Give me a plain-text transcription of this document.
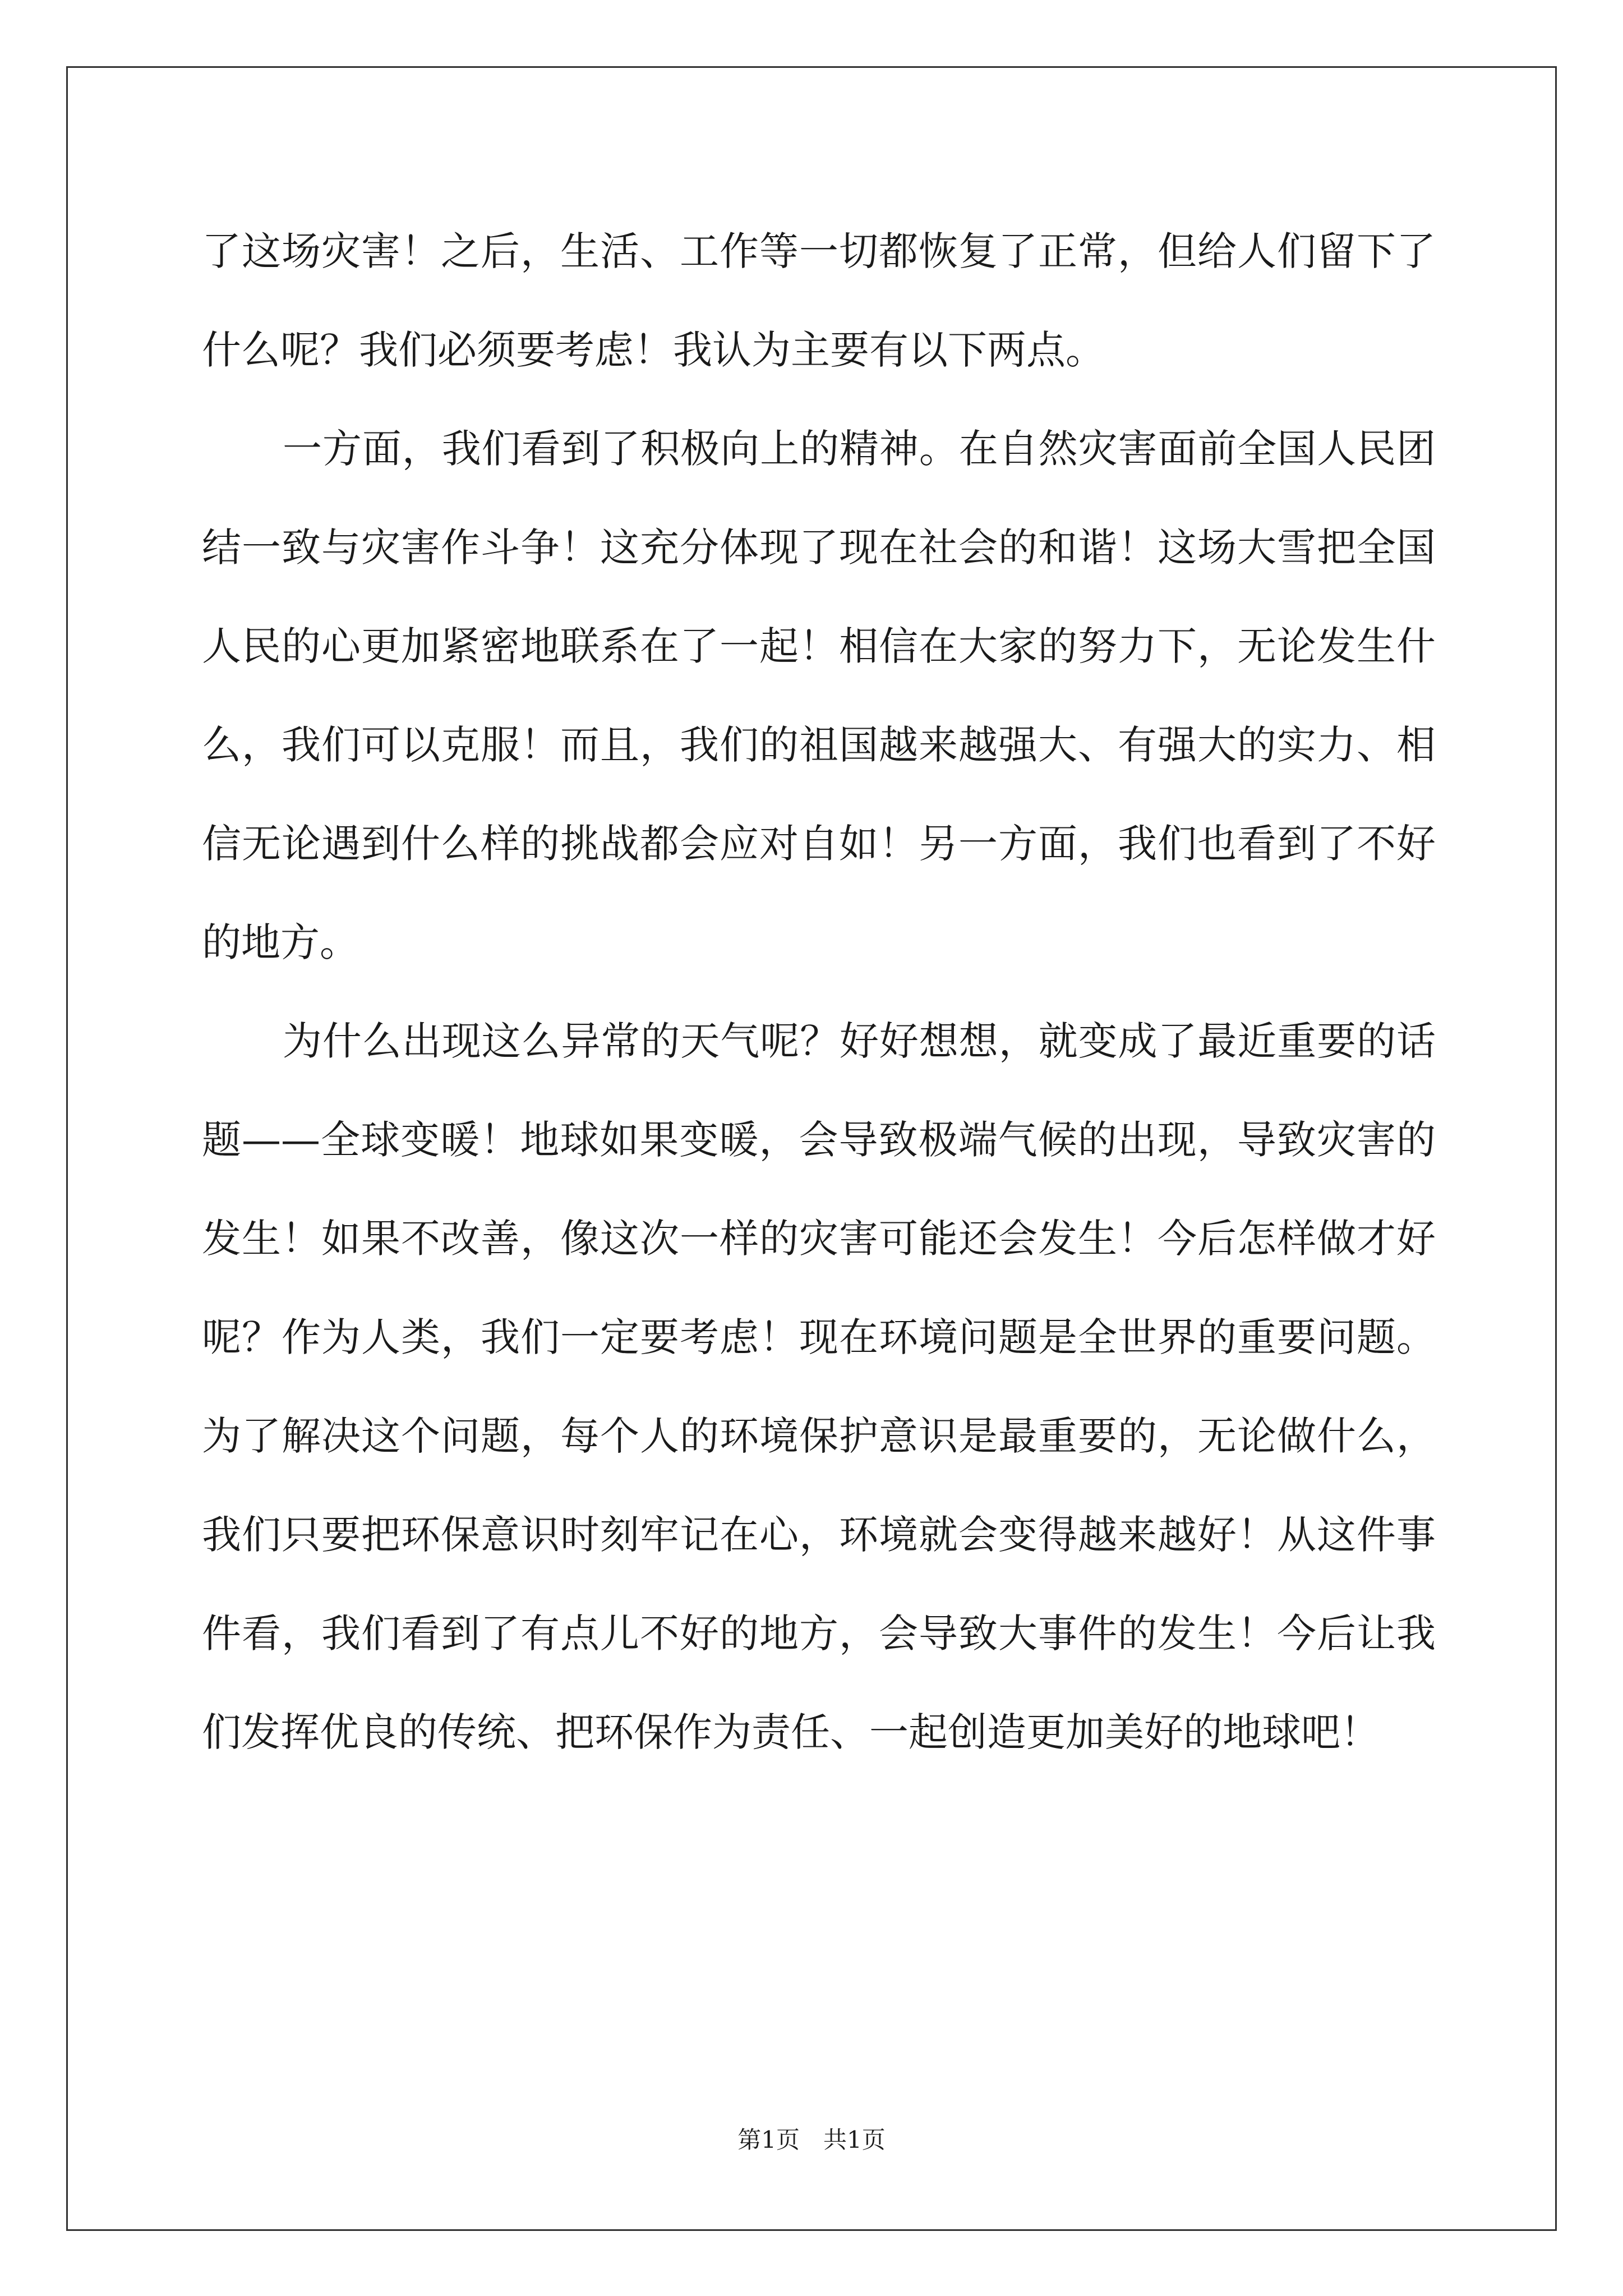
了这场灾害！之后，生活、工作等一切都恢复了正常，但给人们留下了什么呢？我们必须要考虑！我认为主要有以下两点。

一方面，我们看到了积极向上的精神。在自然灾害面前全国人民团结一致与灾害作斗争！这充分体现了现在社会的和谐！这场大雪把全国人民的心更加紧密地联系在了一起！相信在大家的努力下，无论发生什么，我们可以克服！而且，我们的祖国越来越强大、有强大的实力、相信无论遇到什么样的挑战都会应对自如！另一方面，我们也看到了不好的地方。

为什么出现这么异常的天气呢？好好想想，就变成了最近重要的话题——全球变暖！地球如果变暖，会导致极端气候的出现，导致灾害的发生！如果不改善，像这次一样的灾害可能还会发生！今后怎样做才好呢？作为人类，我们一定要考虑！现在环境问题是全世界的重要问题。为了解决这个问题，每个人的环境保护意识是最重要的，无论做什么，我们只要把环保意识时刻牢记在心，环境就会变得越来越好！从这件事件看，我们看到了有点儿不好的地方，会导致大事件的发生！今后让我们发挥优良的传统、把环保作为责任、一起创造更加美好的地球吧！

第1页　共1页
